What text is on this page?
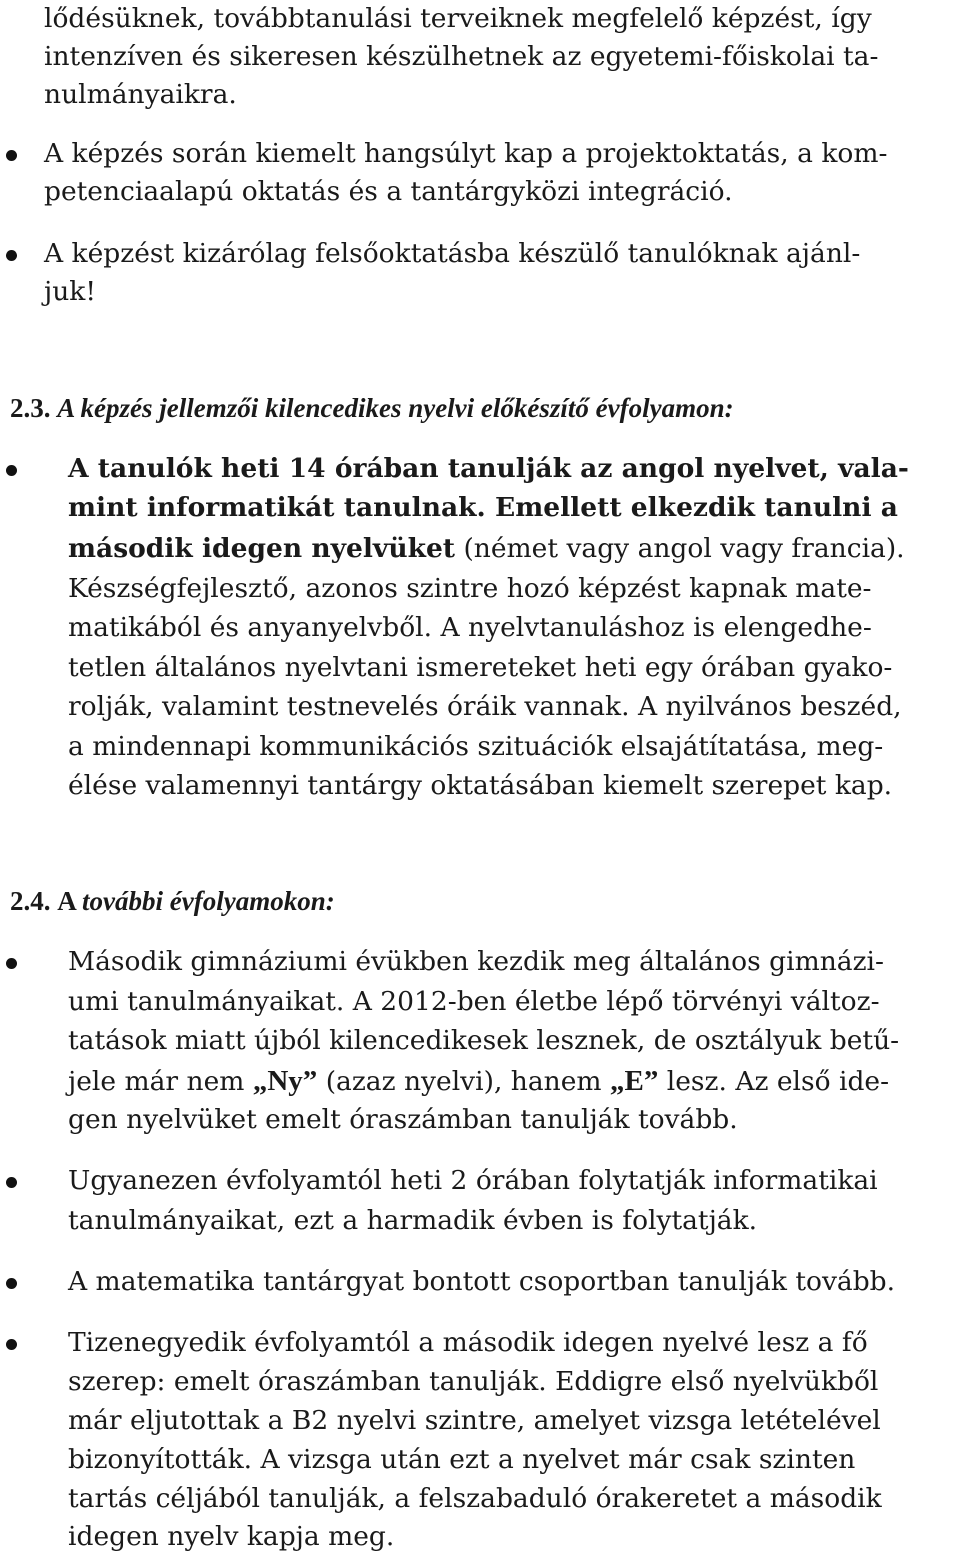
lődésüknek, továbbtanulási terveiknek megfelelő képzést, így
intenzíven és sikeresen készülhetnek az egyetemi-főiskolai ta-
nulmányaikra.
A képzés során kiemelt hangsúlyt kap a projektoktatás, a kom-
petenciaalapú oktatás és a tantárgyközi integráció.
A képzést kizárólag felsőoktatásba készülő tanulóknak ajánl-
juk!
2.3. A képzés jellemzői kilencedikes nyelvi előkészítő évfolyamon:
A tanulók heti 14 órában tanulják az angol nyelvet, vala-
mint informatikát tanulnak. Emellett elkezdik tanulni a
második idegen nyelvüket (német vagy angol vagy francia).
Készségfejlesztő, azonos szintre hozó képzést kapnak mate-
matikából és anyanyelvből. A nyelvtanuláshoz is elengedhe-
tetlen általános nyelvtani ismereteket heti egy órában gyako-
rolják, valamint testnevelés óráik vannak. A nyilvános beszéd,
a mindennapi kommunikációs szituációk elsajátítatása, meg-
élése valamennyi tantárgy oktatásában kiemelt szerepet kap.
2.4. A további évfolyamokon:
Második gimnáziumi évükben kezdik meg általános gimnázi-
umi tanulmányaikat. A 2012-ben életbe lépő törvényi változ-
tatások miatt újból kilencedikesek lesznek, de osztályuk betű-
jele már nem „Ny” (azaz nyelvi), hanem „E” lesz. Az első ide-
gen nyelvüket emelt óraszámban tanulják tovább.
Ugyanezen évfolyamtól heti 2 órában folytatják informatikai
tanulmányaikat, ezt a harmadik évben is folytatják.
A matematika tantárgyat bontott csoportban tanulják tovább.
Tizenegyedik évfolyamtól a második idegen nyelvé lesz a fő
szerep: emelt óraszámban tanulják. Eddigre első nyelvükből
már eljutottak a B2 nyelvi szintre, amelyet vizsga letételével
bizonyították. A vizsga után ezt a nyelvet már csak szinten
tartás céljából tanulják, a felszabaduló órakeretet a második
idegen nyelv kapja meg.
